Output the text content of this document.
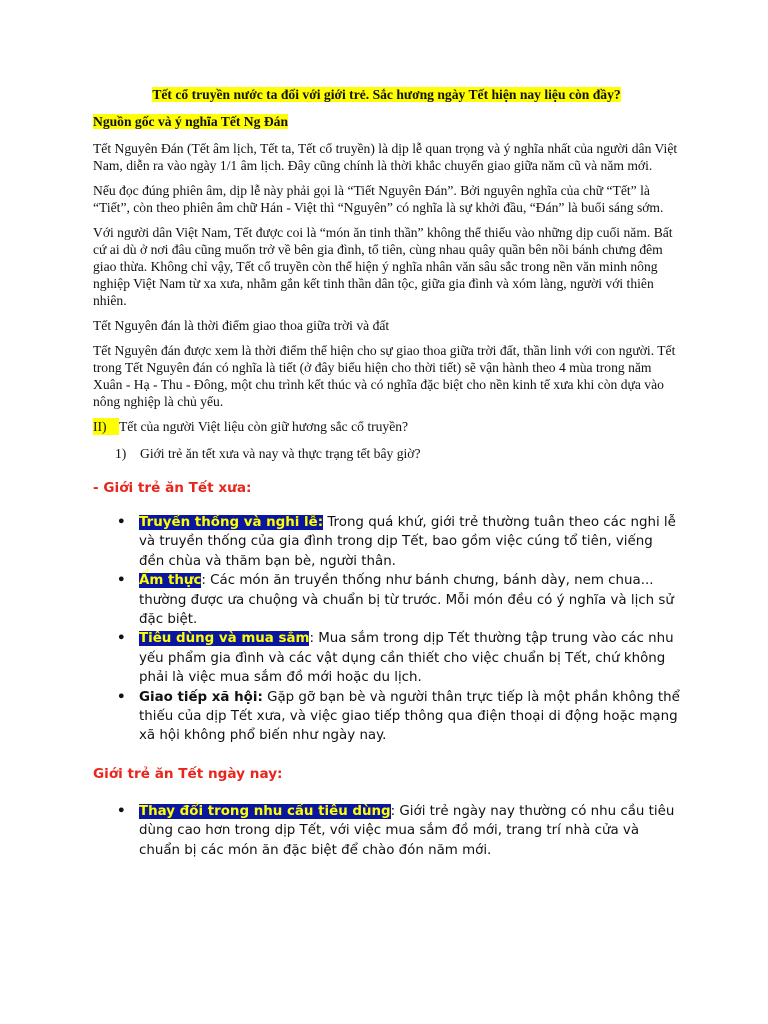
Tết cổ truyền nước ta đối với giới trẻ. Sắc hương ngày Tết hiện nay liệu còn đầy?
Nguồn gốc và ý nghĩa Tết Ng Đán

Tết Nguyên Đán (Tết âm lịch, Tết ta, Tết cổ truyền) là dịp lễ quan trọng và ý nghĩa nhất của người dân Việt Nam, diễn ra vào ngày 1/1 âm lịch. Đây cũng chính là thời khắc chuyển giao giữa năm cũ và năm mới.

Nếu đọc đúng phiên âm, dịp lễ này phải gọi là “Tiết Nguyên Đán”. Bởi nguyên nghĩa của chữ “Tết” là “Tiết”, còn theo phiên âm chữ Hán - Việt thì “Nguyên” có nghĩa là sự khởi đầu, “Đán” là buổi sáng sớm.

Với người dân Việt Nam, Tết được coi là “món ăn tinh thần” không thể thiếu vào những dịp cuối năm. Bất cứ ai dù ở nơi đâu cũng muốn trở về bên gia đình, tổ tiên, cùng nhau quây quần bên nồi bánh chưng đêm giao thừa. Không chỉ vậy, Tết cổ truyền còn thể hiện ý nghĩa nhân văn sâu sắc trong nền văn minh nông nghiệp Việt Nam từ xa xưa, nhằm gắn kết tinh thần dân tộc, giữa gia đình và xóm làng, người với thiên nhiên.

Tết Nguyên đán là thời điểm giao thoa giữa trời và đất

Tết Nguyên đán được xem là thời điểm thể hiện cho sự giao thoa giữa trời đất, thần linh với con người. Tết trong Tết Nguyên đán có nghĩa là tiết (ở đây biểu hiện cho thời tiết) sẽ vận hành theo 4 mùa trong năm Xuân - Hạ - Thu - Đông, một chu trình kết thúc và có nghĩa đặc biệt cho nền kinh tế xưa khi còn dựa vào nông nghiệp là chủ yếu.

II) Tết của người Việt liệu còn giữ hương sắc cổ truyền?
1)	Giới trẻ ăn tết xưa và nay và thực trạng tết bây giờ?
- Giới trẻ ăn Tết xưa:
• Truyền thống và nghi lễ: Trong quá khứ, giới trẻ thường tuân theo các nghi lễ và truyền thống của gia đình trong dịp Tết, bao gồm việc cúng tổ tiên, viếng đền chùa và thăm bạn bè, người thân.
• Ẩm thực: Các món ăn truyền thống như bánh chưng, bánh dày, nem chua... thường được ưa chuộng và chuẩn bị từ trước. Mỗi món đều có ý nghĩa và lịch sử đặc biệt.
• Tiêu dùng và mua sắm: Mua sắm trong dịp Tết thường tập trung vào các nhu yếu phẩm gia đình và các vật dụng cần thiết cho việc chuẩn bị Tết, chứ không phải là việc mua sắm đồ mới hoặc du lịch.
• Giao tiếp xã hội: Gặp gỡ bạn bè và người thân trực tiếp là một phần không thể thiếu của dịp Tết xưa, và việc giao tiếp thông qua điện thoại di động hoặc mạng xã hội không phổ biến như ngày nay.
Giới trẻ ăn Tết ngày nay:
• Thay đổi trong nhu cầu tiêu dùng: Giới trẻ ngày nay thường có nhu cầu tiêu dùng cao hơn trong dịp Tết, với việc mua sắm đồ mới, trang trí nhà cửa và chuẩn bị các món ăn đặc biệt để chào đón năm mới.
